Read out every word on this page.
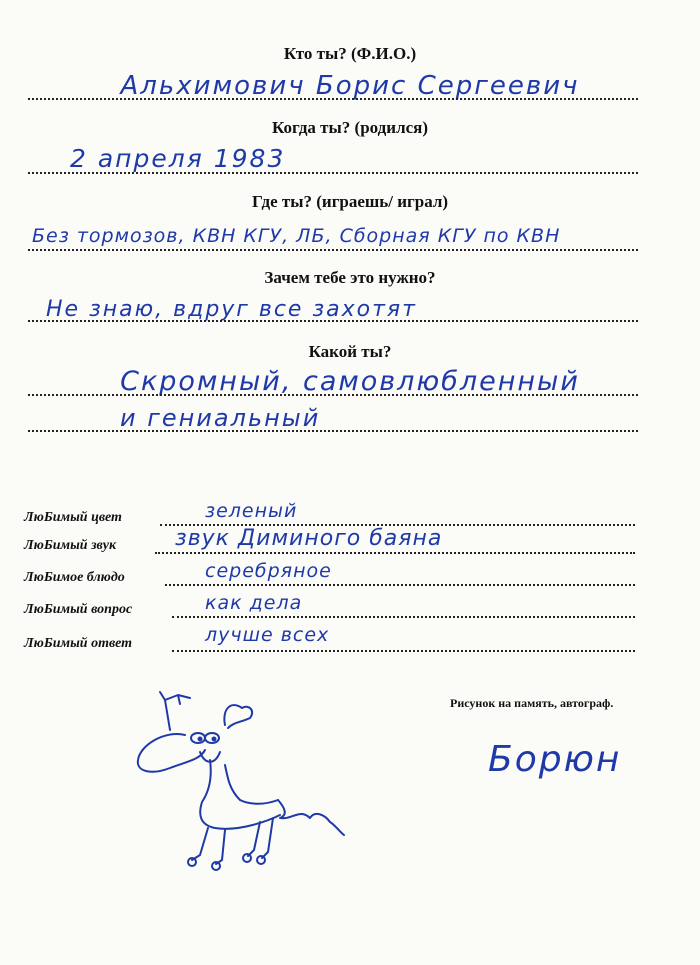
Кто ты? (Ф.И.О.)
Альхимович Борис Сергеевич
Когда ты? (родился)
2 апреля 1983
Где ты? (играешь/ играл)
Без тормозов, КВН КГУ, ЛБ, Сборная КГУ по КВН
Зачем тебе это нужно?
Не знаю, вдруг все захотят
Какой ты?
Скромный, самовлюбленный
и гениальный
ЛюБимый цвет	зеленый
ЛюБимый звук	звук Диминого баяна
ЛюБимое блюдо	серебряное
ЛюБимый вопрос	как дела
ЛюБимый ответ	лучше всех
Рисунок на память, автограф.
Борюн
